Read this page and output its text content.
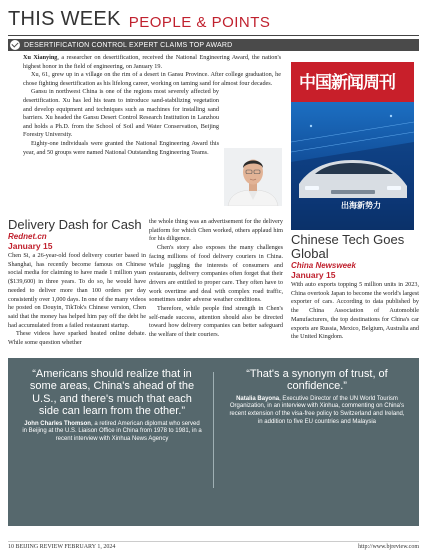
THIS WEEK PEOPLE & POINTS
DESERTIFICATION CONTROL EXPERT CLAIMS TOP AWARD

Xu Xianying, a researcher on desertification, received the National Engineering Award, the nation's highest honor in the field of engineering, on January 19.

Xu, 61, grew up in a village on the rim of a desert in Gansu Province. After college graduation, he chose fighting desertification as his lifelong career, working on taming sand for almost four decades.

Gansu in northwest China is one of the regions most severely affected by desertification. Xu has led his team to introduce sand-stabilizing vegetation and develop equipment and techniques such as machines for installing sand barriers. Xu headed the Gansu Desert Control Research Institution in Lanzhou and holds a Ph.D. from the School of Soil and Water Conservation, Beijing Forestry University.

Eighty-one individuals were granted the National Engineering Award this year, and 50 groups were named National Outstanding Engineering Teams.

中国新闻周刊
出海新势力
Delivery Dash for Cash
Rednet.cn
January 15

Chen Si, a 26-year-old food delivery courier based in Shanghai, has recently become famous on Chinese social media for claiming to have made 1 million yuan ($139,600) in three years. To do so, he would have needed to deliver more than 100 orders per day consistently over 1,000 days. In one of the many videos he posted on Douyin, TikTok's Chinese version, Chen said that the money has helped him pay off the debt he had accumulated from a failed restaurant startup.

These videos have sparked heated online debate. While some question whether

the whole thing was an advertisement for the delivery platform for which Chen worked, others applaud him for his diligence.

Chen's story also exposes the many challenges facing millions of food delivery couriers in China. While juggling the interests of consumers and restaurants, delivery companies often forget that their drivers are entitled to proper care. They often have to work overtime and deal with complex road traffic, sometimes under adverse weather conditions.

Therefore, while people find strength in Chen's self-made success, attention should also be directed toward how delivery companies can better safeguard the welfare of their couriers.

Chinese Tech Goes Global
China Newsweek
January 15

With auto exports topping 5 million units in 2023, China overtook Japan to become the world's largest exporter of cars. According to data published by the China Association of Automobile Manufacturers, the top destinations for China's car exports are Russia, Mexico, Belgium, Australia and the United Kingdom.

“Americans should realize that in some areas, China's ahead of the U.S., and there's much that each side can learn from the other.”
John Charles Thomson, a retired American diplomat who served in Beijing at the U.S. Liaison Office in China from 1978 to 1981, in a recent interview with Xinhua News Agency
“That's a synonym of trust, of confidence.”
Natalia Bayona, Executive Director of the UN World Tourism Organization, in an interview with Xinhua, commenting on China's recent extension of the visa-free policy to Switzerland and Ireland, in addition to five EU countries and Malaysia
10 BEIJING REVIEW FEBRUARY 1, 2024	http://www.bjreview.com
